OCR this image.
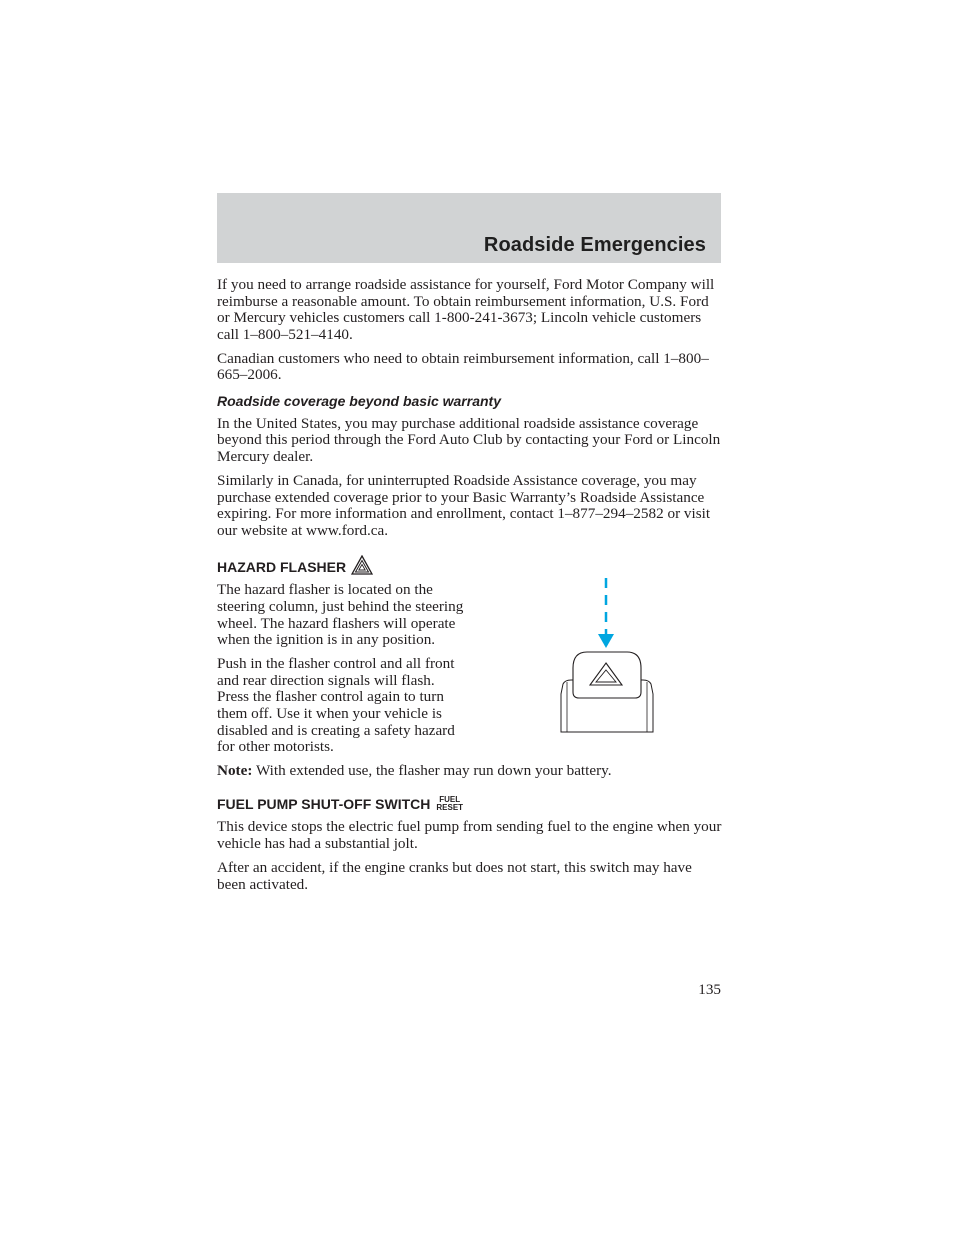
Roadside Emergencies

If you need to arrange roadside assistance for yourself, Ford Motor Company will reimburse a reasonable amount. To obtain reimbursement information, U.S. Ford or Mercury vehicles customers call 1-800-241-3673; Lincoln vehicle customers call 1–800–521–4140.

Canadian customers who need to obtain reimbursement information, call 1–800–665–2006.

Roadside coverage beyond basic warranty

In the United States, you may purchase additional roadside assistance coverage beyond this period through the Ford Auto Club by contacting your Ford or Lincoln Mercury dealer.

Similarly in Canada, for uninterrupted Roadside Assistance coverage, you may purchase extended coverage prior to your Basic Warranty’s Roadside Assistance expiring. For more information and enrollment, contact 1–877–294–2582 or visit our website at www.ford.ca.

HAZARD FLASHER

The hazard flasher is located on the steering column, just behind the steering wheel. The hazard flashers will operate when the ignition is in any position.

Push in the flasher control and all front and rear direction signals will flash. Press the flasher control again to turn them off. Use it when your vehicle is disabled and is creating a safety hazard for other motorists.

Note: With extended use, the flasher may run down your battery.

FUEL PUMP SHUT-OFF SWITCH	FUEL
RESET

This device stops the electric fuel pump from sending fuel to the engine when your vehicle has had a substantial jolt.

After an accident, if the engine cranks but does not start, this switch may have been activated.

135
